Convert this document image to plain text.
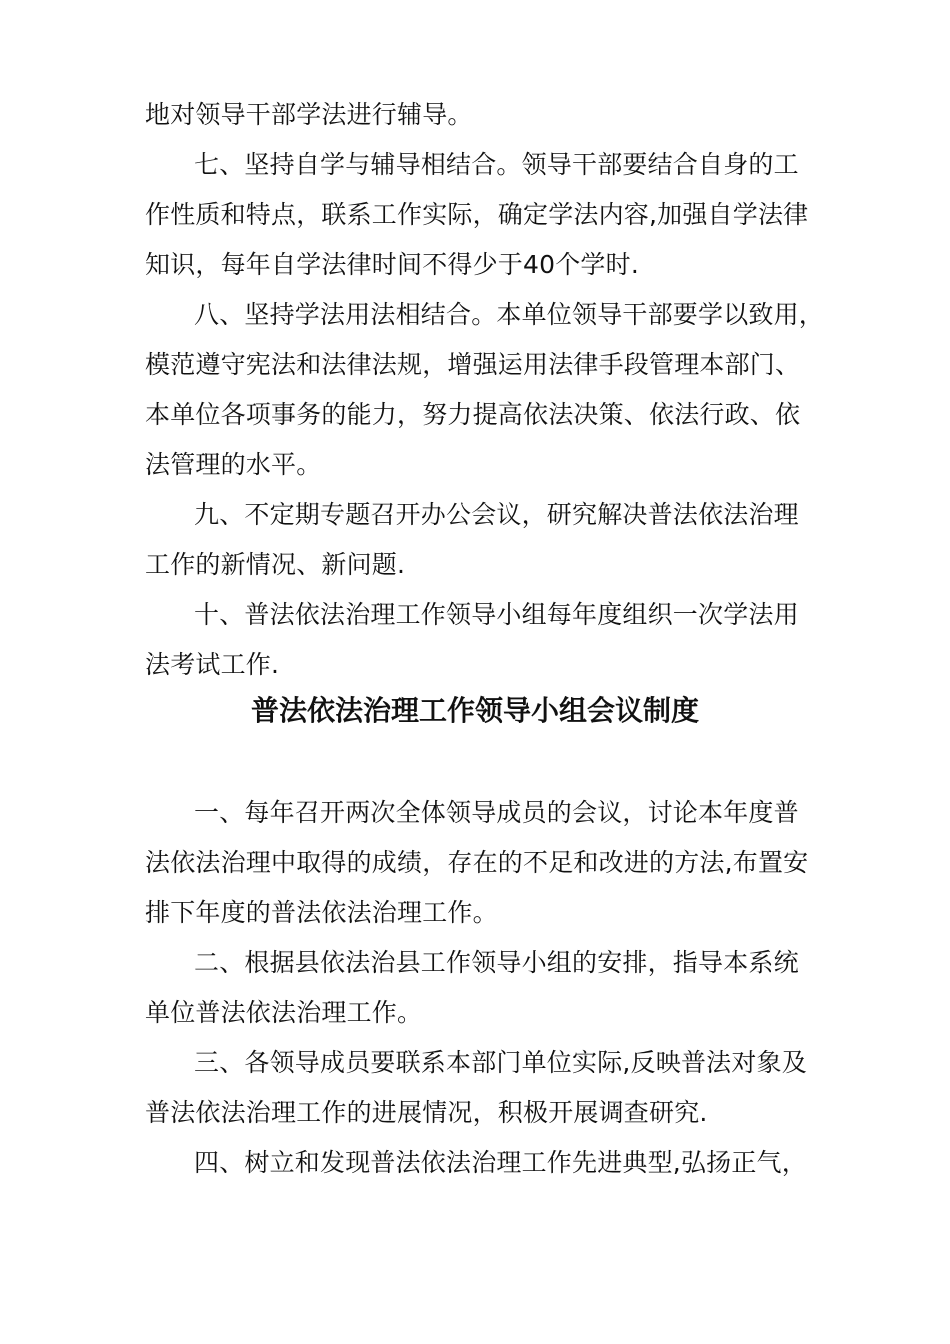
地对领导干部学法进行辅导。
七、坚持自学与辅导相结合。领导干部要结合自身的工
作性质和特点，联系工作实际，确定学法内容,加强自学法律
知识，每年自学法律时间不得少于40个学时.
八、坚持学法用法相结合。本单位领导干部要学以致用，
模范遵守宪法和法律法规，增强运用法律手段管理本部门、
本单位各项事务的能力，努力提高依法决策、依法行政、依
法管理的水平。
九、不定期专题召开办公会议，研究解决普法依法治理
工作的新情况、新问题.
十、普法依法治理工作领导小组每年度组织一次学法用
法考试工作.
普法依法治理工作领导小组会议制度
一、每年召开两次全体领导成员的会议，讨论本年度普
法依法治理中取得的成绩，存在的不足和改进的方法,布置安
排下年度的普法依法治理工作。
二、根据县依法治县工作领导小组的安排，指导本系统
单位普法依法治理工作。
三、各领导成员要联系本部门单位实际,反映普法对象及
普法依法治理工作的进展情况，积极开展调查研究.
四、树立和发现普法依法治理工作先进典型,弘扬正气，
